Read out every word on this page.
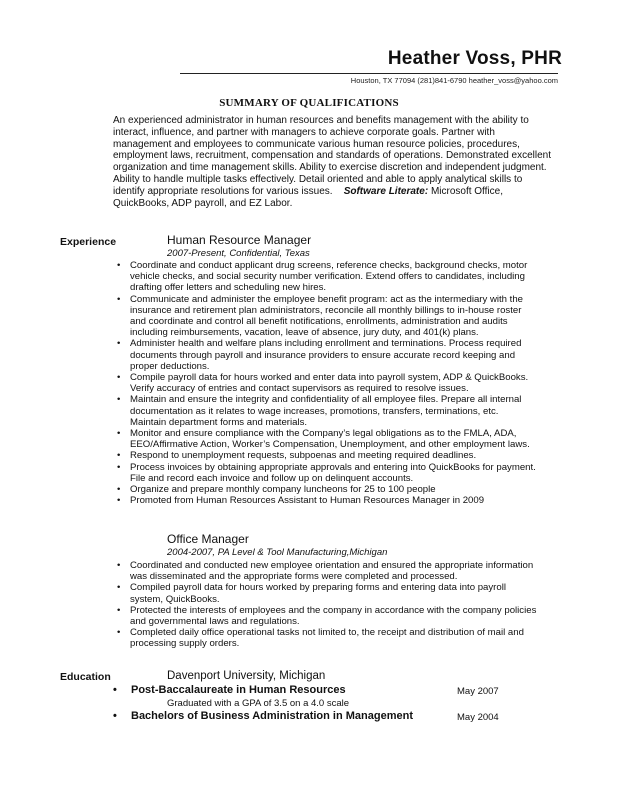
Heather Voss, PHR
Houston, TX 77094 (281)841-6790 heather_voss@yahoo.com
SUMMARY OF QUALIFICATIONS
An experienced administrator in human resources and benefits management with the ability to
interact, influence, and partner with managers to achieve corporate goals. Partner with
management and employees to communicate various human resource policies, procedures,
employment laws, recruitment, compensation and standards of operations. Demonstrated excellent
organization and time management skills. Ability to exercise discretion and independent judgment.
Ability to handle multiple tasks effectively. Detail oriented and able to apply analytical skills to
identify appropriate resolutions for various issues. Software Literate: Microsoft Office,
QuickBooks, ADP payroll, and EZ Labor.
Experience	Human Resource Manager
2007-Present, Confidential, Texas
• Coordinate and conduct applicant drug screens, reference checks, background checks, motor
vehicle checks, and social security number verification. Extend offers to candidates, including
drafting offer letters and scheduling new hires.
• Communicate and administer the employee benefit program: act as the intermediary with the
insurance and retirement plan administrators, reconcile all monthly billings to in-house roster
and coordinate and control all benefit notifications, enrollments, administration and audits
including reimbursements, vacation, leave of absence, jury duty, and 401(k) plans.
• Administer health and welfare plans including enrollment and terminations. Process required
documents through payroll and insurance providers to ensure accurate record keeping and
proper deductions.
• Compile payroll data for hours worked and enter data into payroll system, ADP & QuickBooks.
Verify accuracy of entries and contact supervisors as required to resolve issues.
• Maintain and ensure the integrity and confidentiality of all employee files. Prepare all internal
documentation as it relates to wage increases, promotions, transfers, terminations, etc.
Maintain department forms and materials.
• Monitor and ensure compliance with the Company’s legal obligations as to the FMLA, ADA,
EEO/Affirmative Action, Worker’s Compensation, Unemployment, and other employment laws.
• Respond to unemployment requests, subpoenas and meeting required deadlines.
• Process invoices by obtaining appropriate approvals and entering into QuickBooks for payment.
File and record each invoice and follow up on delinquent accounts.
• Organize and prepare monthly company luncheons for 25 to 100 people
• Promoted from Human Resources Assistant to Human Resources Manager in 2009
Office Manager
2004-2007, PA Level & Tool Manufacturing,Michigan
• Coordinated and conducted new employee orientation and ensured the appropriate information
was disseminated and the appropriate forms were completed and processed.
• Compiled payroll data for hours worked by preparing forms and entering data into payroll
system, QuickBooks.
• Protected the interests of employees and the company in accordance with the company policies
and governmental laws and regulations.
• Completed daily office operational tasks not limited to, the receipt and distribution of mail and
processing supply orders.
Education	Davenport University, Michigan
• Post-Baccalaureate in Human Resources	May 2007
Graduated with a GPA of 3.5 on a 4.0 scale
• Bachelors of Business Administration in Management	May 2004
